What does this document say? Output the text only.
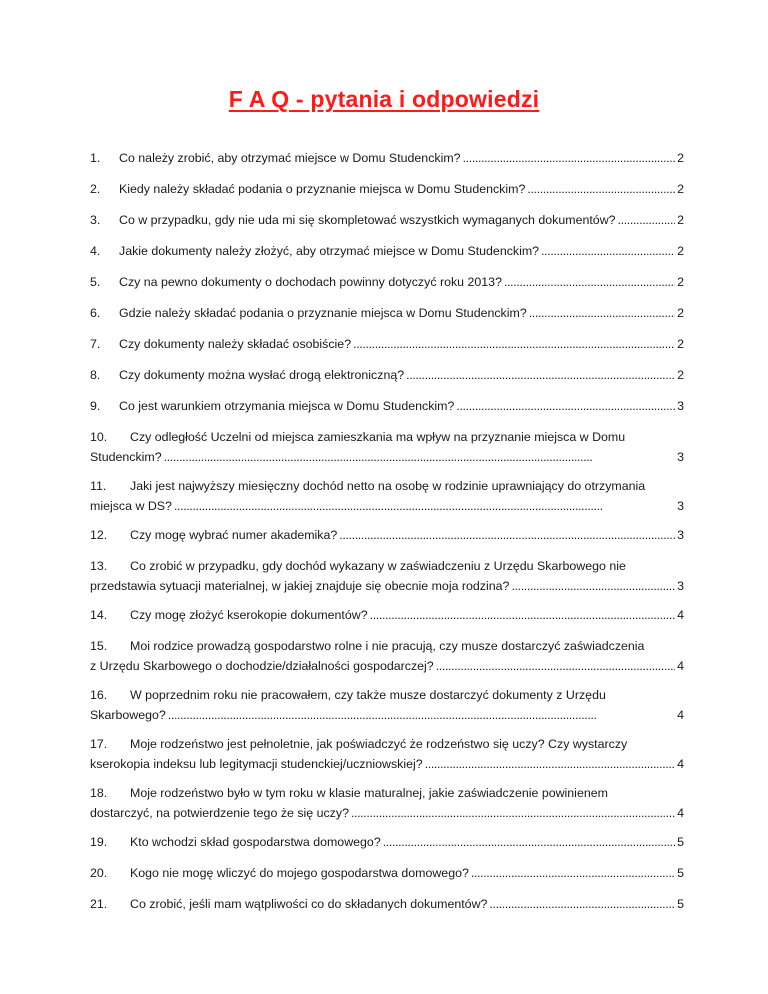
F A Q - pytania i odpowiedzi
1.	Co należy zrobić, aby otrzymać miejsce w Domu Studenckim? . . .	2
2.	Kiedy należy składać podania o przyznanie miejsca w Domu Studenckim? . . .	2
3.	Co w przypadku, gdy nie uda mi się skompletować wszystkich wymaganych dokumentów? . . .	2
4.	Jakie dokumenty należy złożyć, aby otrzymać miejsce w Domu Studenckim? . . .	2
5.	Czy na pewno dokumenty o dochodach powinny dotyczyć roku 2013? . . .	2
6.	Gdzie należy składać podania o przyznanie miejsca w Domu Studenckim? . . .	2
7.	Czy dokumenty należy składać osobiście? . . .	2
8.	Czy dokumenty można wysłać drogą elektroniczną? . . .	2
9.	Co jest warunkiem otrzymania miejsca w Domu Studenckim? . . .	3
10.	Czy odległość Uczelni od miejsca zamieszkania ma wpływ na przyznanie miejsca w Domu
Studenckim? . . .	3
11.	Jaki jest najwyższy miesięczny dochód netto na osobę w rodzinie uprawniający do otrzymania
miejsca w DS? . . .	3
12.	Czy mogę wybrać numer akademika? . . .	3
13.	Co zrobić w przypadku, gdy dochód wykazany w zaświadczeniu z Urzędu Skarbowego nie
przedstawia sytuacji materialnej, w jakiej znajduje się obecnie moja rodzina? . . .	3
14.	Czy mogę złożyć kserokopie dokumentów? . . .	4
15.	Moi rodzice prowadzą gospodarstwo rolne i nie pracują, czy musze dostarczyć zaświadczenia
z Urzędu Skarbowego o dochodzie/działalności gospodarczej? . . .	4
16.	W poprzednim roku nie pracowałem, czy także musze dostarczyć dokumenty z Urzędu
Skarbowego? . . .	4
17.	Moje rodzeństwo jest pełnoletnie, jak poświadczyć że rodzeństwo się uczy? Czy wystarczy
kserokopia indeksu lub legitymacji studenckiej/uczniowskiej? . . .	4
18.	Moje rodzeństwo było w tym roku w klasie maturalnej, jakie zaświadczenie powinienem
dostarczyć, na potwierdzenie tego że się uczy? . . .	4
19.	Kto wchodzi skład gospodarstwa domowego? . . .	5
20.	Kogo nie mogę wliczyć do mojego gospodarstwa domowego? . . .	5
21.	Co zrobić, jeśli mam wątpliwości co do składanych dokumentów? . . .	5
